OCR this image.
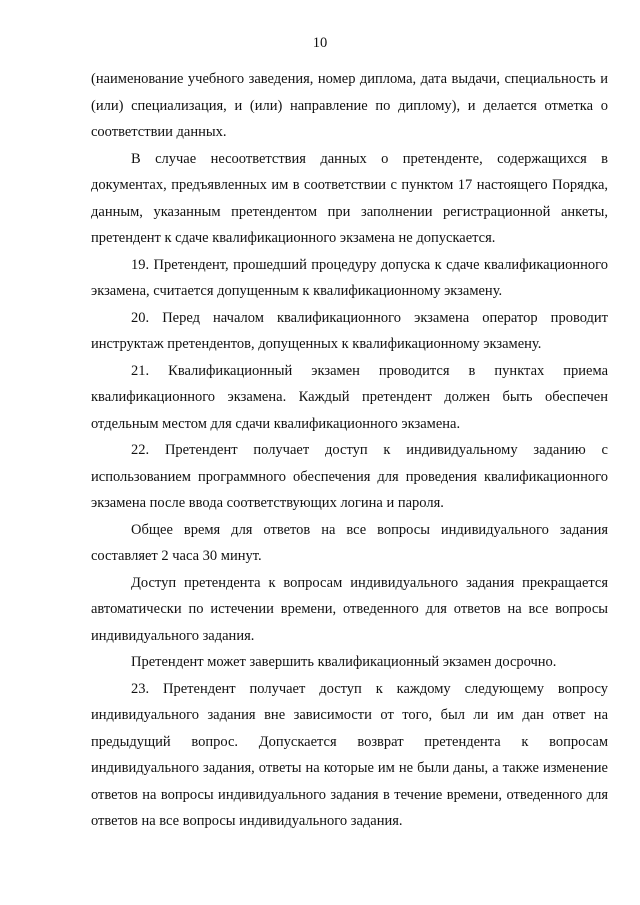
10

(наименование учебного заведения, номер диплома, дата выдачи, специальность и (или) специализация, и (или) направление по диплому), и делается отметка о соответствии данных.

В случае несоответствия данных о претенденте, содержащихся в документах, предъявленных им в соответствии с пунктом 17 настоящего Порядка, данным, указанным претендентом при заполнении регистрационной анкеты, претендент к сдаче квалификационного экзамена не допускается.

19. Претендент, прошедший процедуру допуска к сдаче квалификационного экзамена, считается допущенным к квалификационному экзамену.

20. Перед началом квалификационного экзамена оператор проводит инструктаж претендентов, допущенных к квалификационному экзамену.

21. Квалификационный экзамен проводится в пунктах приема квалификационного экзамена. Каждый претендент должен быть обеспечен отдельным местом для сдачи квалификационного экзамена.

22. Претендент получает доступ к индивидуальному заданию с использованием программного обеспечения для проведения квалификационного экзамена после ввода соответствующих логина и пароля.

Общее время для ответов на все вопросы индивидуального задания составляет 2 часа 30 минут.

Доступ претендента к вопросам индивидуального задания прекращается автоматически по истечении времени, отведенного для ответов на все вопросы индивидуального задания.

Претендент может завершить квалификационный экзамен досрочно.

23. Претендент получает доступ к каждому следующему вопросу индивидуального задания вне зависимости от того, был ли им дан ответ на предыдущий вопрос. Допускается возврат претендента к вопросам индивидуального задания, ответы на которые им не были даны, а также изменение ответов на вопросы индивидуального задания в течение времени, отведенного для ответов на все вопросы индивидуального задания.
